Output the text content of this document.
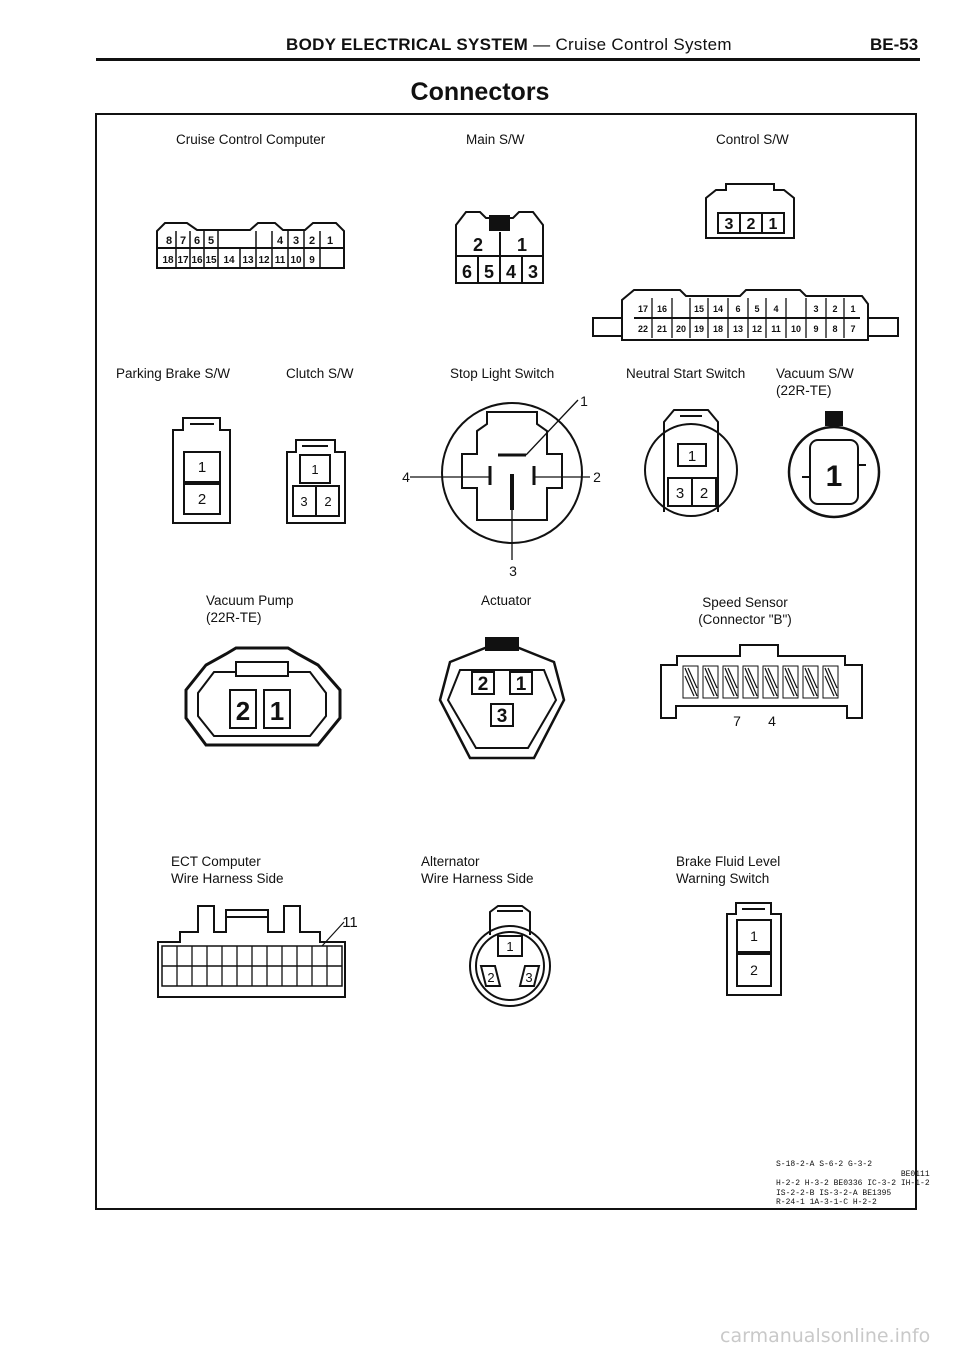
BODY ELECTRICAL SYSTEM — Cruise Control System	BE-53
Connectors
Cruise Control Computer	Main S/W	Control S/W
Parking Brake S/W	Clutch S/W	Stop Light Switch	Neutral Start Switch Vacuum S/W
(22R-TE)
Vacuum Pump
(22R-TE)
Actuator	Speed Sensor
(Connector "B")
ECT Computer
Wire Harness Side
Alternator
Wire Harness Side
Brake Fluid Level
Warning Switch
8 7 6 5	4 3 2 1
18 17 16 15 14 13 12 11 10 9
2 1
6 5 4 3
3 2 1
17 16	15 14 6 5 4	3 2 1
22 21 20 19 18 13 12 11 10 9 8 7
1
2
1
3 2
1
2
3
4
1
3 2
1
2 1
2 1
3	7 4
11
1
2 3
1
2
S-18-2-A S-6-2 G-3-2
BE0111
H-2-2 H-3-2 BE0336 IC-3-2 IH-1-2
IS-2-2-B IS-3-2-A BE1395
R-24-1 1A-3-1-C H-2-2
carmanualsonline.info
